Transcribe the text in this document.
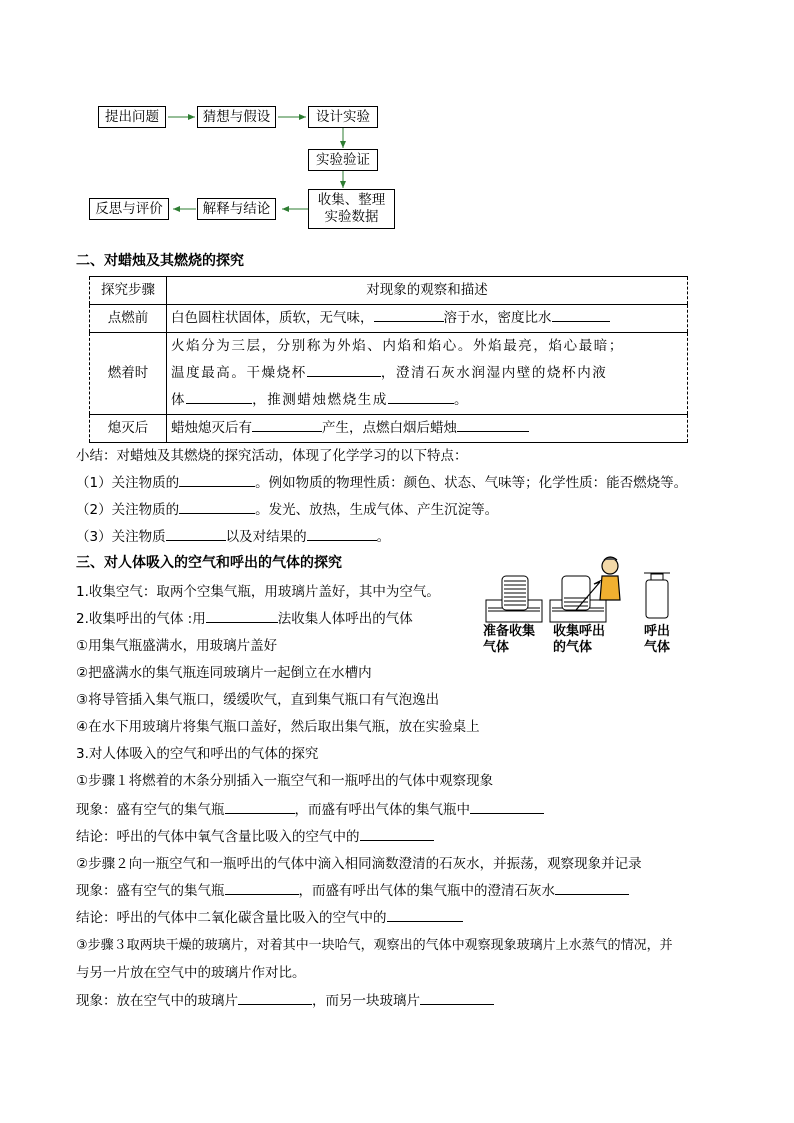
提出问题	猜想与假设	设计实验
实验验证
收集、整理
实验数据
解释与结论
反思与评价
二、对蜡烛及其燃烧的探究
探究步骤	对现象的观察和描述
点燃前	白色圆柱状固体，质软，无气味， 溶于水，密度比水
燃着时	火焰分为三层，分别称为外焰、内焰和焰心。外焰最亮，焰心最暗；
温度最高。干燥烧杯 ，澄清石灰水润湿内壁的烧杯内液
体 ，推测蜡烛燃烧生成 。

熄灭后	蜡烛熄灭后有 产生，点燃白烟后蜡烛
小结：对蜡烛及其燃烧的探究活动，体现了化学学习的以下特点：
（1）关注物质的	。例如物质的物理性质：颜色、状态、气味等；化学性质：能否燃烧等。
（2）关注物质的	。发光、放热，生成气体、产生沉淀等。
（3）关注物质	以及对结果的	。
三、对人体吸入的空气和呼出的气体的探究
1.收集空气：取两个空集气瓶，用玻璃片盖好，其中为空气。
2.收集呼出的气体 :用	法收集人体呼出的气体
①用集气瓶盛满水，用玻璃片盖好
②把盛满水的集气瓶连同玻璃片一起倒立在水槽内
③将导管插入集气瓶口，缓缓吹气，直到集气瓶口有气泡逸出
④在水下用玻璃片将集气瓶口盖好，然后取出集气瓶，放在实验桌上
3.对人体吸入的空气和呼出的气体的探究
①步骤１将燃着的木条分别插入一瓶空气和一瓶呼出的气体中观察现象
现象：盛有空气的集气瓶	，而盛有呼出气体的集气瓶中
结论：呼出的气体中氧气含量比吸入的空气中的
②步骤２向一瓶空气和一瓶呼出的气体中滴入相同滴数澄清的石灰水，并振荡，观察现象并记录
现象：盛有空气的集气瓶	，而盛有呼出气体的集气瓶中的澄清石灰水
结论：呼出的气体中二氧化碳含量比吸入的空气中的
③步骤３取两块干燥的玻璃片，对着其中一块哈气，观察出的气体中观察现象玻璃片上水蒸气的情况，并
与另一片放在空气中的玻璃片作对比。
现象：放在空气中的玻璃片	，而另一块玻璃片
准备收集
气体
收集呼出
的气体
呼出
气体
